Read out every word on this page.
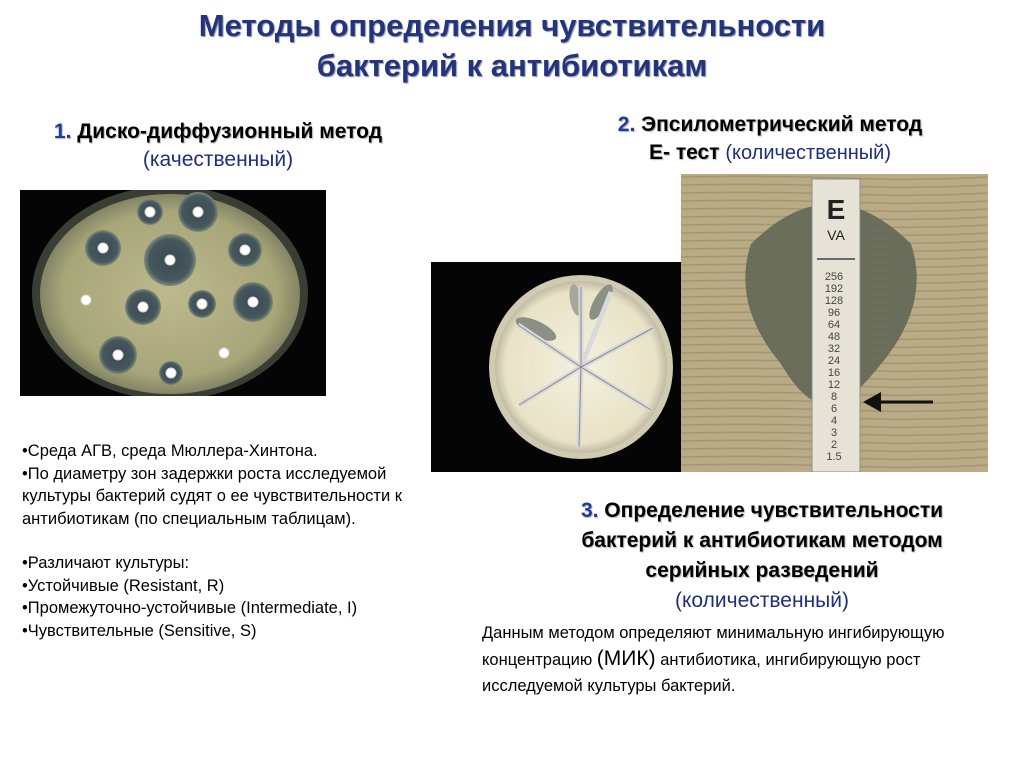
Методы определения чувствительности
бактерий к антибиотикам
1. Диско-диффузионный метод
(качественный)
2. Эпсилометрический метод
Е- тест (количественный)
E
VA
256
192
128
96
64
48
32
24
16
12
8
6
4
3
2
1.5

•Среда АГВ, среда Мюллера-Хинтона.

•По диаметру зон задержки роста исследуемой культуры бактерий судят о ее чувствительности к антибиотикам (по специальным таблицам).

•Различают культуры:

•Устойчивые (Resistant, R)

•Промежуточно-устойчивые (Intermediate, I)

•Чувствительные (Sensitive, S)

3. Определение чувствительности
бактерий к антибиотикам методом
серийных разведений
(количественный)
Данным методом определяют минимальную ингибирующую
концентрацию (МИК) антибиотика, ингибирующую рост исследуемой культуры бактерий.
